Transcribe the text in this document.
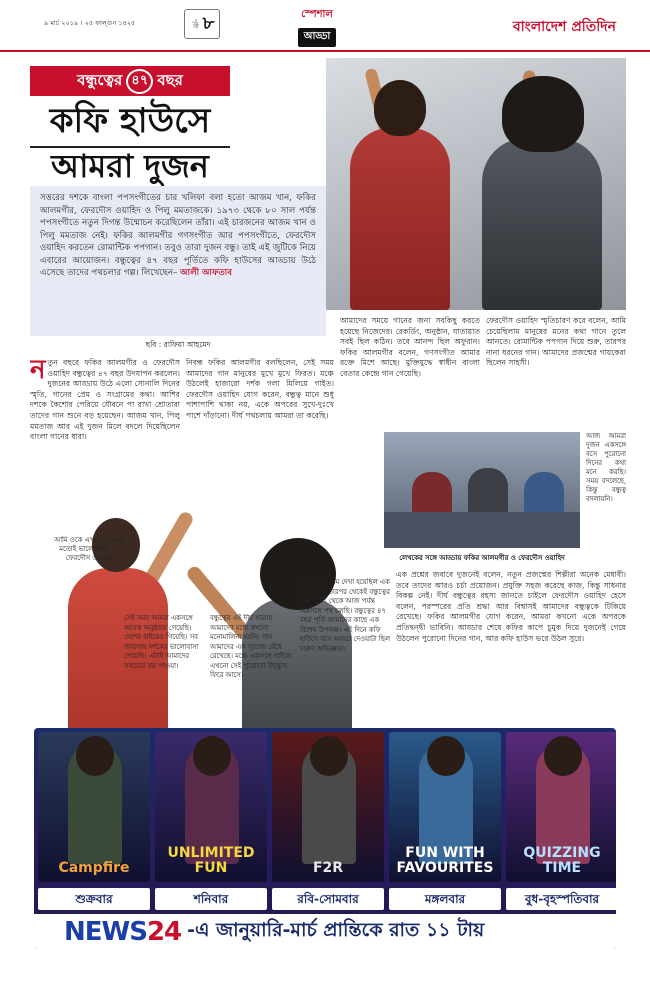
৯ মার্চ ২০১৯ । ২৫ ফাল্গুন ১৪২৫	পৃষ্ঠা ৮	স্পেশাল
আড্ডা
বাংলাদেশ প্রতিদিন
বন্ধুত্বের ৪৭ বছর
কফি হাউসে
আমরা দুজন

সত্তরের দশকে বাংলা পপসংগীতের চার খলিফা বলা হতো আজম খান, ফকির আলমগীর, ফেরদৌস ওয়াহিদ ও পিলু মমতাজকে। ১৯৭৩ থেকে ৮০ সাল পর্যন্ত পপসংগীতে নতুন দিগন্ত উন্মোচন করেছিলেন তাঁরা। এই চারজনের আজম খান ও পিলু মমতাজ নেই। ফকির আলমগীর গণসংগীত আর পপসংগীতে, ফেরদৌস ওয়াহিদ করতেন রোমান্টিক পপগান। তবুও তারা দুজন বন্ধু। তাই এই জুটিকে নিয়ে এবারের আয়োজন। বন্ধুত্বের ৪৭ বছর পূর্তিতে কফি হাউসের আড্ডায় উঠে এসেছে তাদের পথচলার গল্প। লিখেছেন– আলী আফতাব

ছবি : রাফিয়া আহমেদ
নতুন বছরে ফকির আলমগীর ও ফেরদৌস ওয়াহিদ বন্ধুত্বের ৪৭ বছর উদযাপন করলেন। দুজনের আড্ডায় উঠে এলো সোনালি দিনের স্মৃতি, গানের প্রেম ও সংগ্রামের কথা। আশির দশকে কৈশোর পেরিয়ে যৌবনে পা রাখা শ্রোতারা তাদের গান শুনে বড় হয়েছেন। আজম খান, পিলু মমতাজ আর এই দুজন মিলে বদলে দিয়েছিলেন বাংলা গানের ধারা।
নিবন্ধ ফকির আলমগীর বলছিলেন, সেই সময় আমাদের গান মানুষের মুখে মুখে ফিরত। মঞ্চে উঠলেই হাজারো দর্শক গলা মিলিয়ে গাইত। ফেরদৌস ওয়াহিদ যোগ করেন, বন্ধুত্ব মানে শুধু পাশাপাশি থাকা নয়, একে অপরের সুখে-দুঃখে পাশে দাঁড়ানো। দীর্ঘ পথচলায় আমরা তা করেছি।
আমাদের সময়ে গানের জন্য সবকিছু করতে হয়েছে নিজেদের। রেকর্ডিং, অনুষ্ঠান, যাতায়াত সবই ছিল কঠিন। তবে আনন্দ ছিল অফুরান। ফকির আলমগীর বলেন, গণসংগীত আমার রক্তে মিশে আছে। মুক্তিযুদ্ধে স্বাধীন বাংলা বেতার কেন্দ্রে গান গেয়েছি।
ফেরদৌস ওয়াহিদ স্মৃতিচারণ করে বলেন, আমি চেয়েছিলাম মানুষের মনের কথা গানে তুলে আনতে। রোমান্টিক পপগান দিয়ে শুরু, তারপর নানা ধরনের গান। আমাদের প্রজন্মের গায়কেরা ছিলেন সাহসী।
আজ আমরা দুজন একসঙ্গে বসে পুরোনো দিনের কথা মনে করছি। সময় বদলেছে, কিন্তু বন্ধুত্ব বদলায়নি।
লেখকের সঙ্গে আড্ডায় ফকির আলমগীর ও ফেরদৌস ওয়াহিদ
আমি ওকে এখনো আগের মতোই ভালোবাসি। — ফেরদৌস ওয়াহিদ
সেই সময় আমরা একসঙ্গে অনেক অনুষ্ঠানে গেয়েছি। দেশের বাইরেও গিয়েছি। সব জায়গায় দর্শকের ভালোবাসা পেয়েছি। এটাই আমাদের সবচেয়ে বড় পাওয়া।
বন্ধুত্বের এই দীর্ঘ যাত্রায় আমাদের মধ্যে কখনো মনোমালিন্য হয়নি। গান আমাদের এক সুতোয় বেঁধে রেখেছে। মঞ্চে একসঙ্গে গাইলে এখনো সেই পুরোনো উচ্ছ্বাস ফিরে আসে।
আমাদের প্রথম দেখা হয়েছিল এক অনুষ্ঠানে। তারপর থেকেই বন্ধুত্বের শুরু। সেই থেকে আজ পর্যন্ত একসঙ্গে পথ চলছি। বন্ধুত্বের ৪৭ বছর পূর্তি আমাদের কাছে এক বিশেষ উপলক্ষ। এই দিনে কফি হাউসে বসে আড্ডা দেওয়াটা ছিল দারুণ অভিজ্ঞতা।
এক প্রশ্নের জবাবে দুজনেই বলেন, নতুন প্রজন্মের শিল্পীরা অনেক মেধাবী। তবে তাদের আরও চর্চা প্রয়োজন। প্রযুক্তি সহজ করেছে কাজ, কিন্তু সাধনার বিকল্প নেই। দীর্ঘ বন্ধুত্বের রহস্য জানতে চাইলে ফেরদৌস ওয়াহিদ হেসে বলেন, পরস্পরের প্রতি শ্রদ্ধা আর বিশ্বাসই আমাদের বন্ধুত্বকে টিকিয়ে রেখেছে। ফকির আলমগীর যোগ করেন, আমরা কখনো একে অপরকে প্রতিদ্বন্দ্বী ভাবিনি। আড্ডার শেষে কফির কাপে চুমুক দিয়ে দুজনেই গেয়ে উঠলেন পুরোনো দিনের গান, আর কফি হাউস ভরে উঠল সুরে।
Campfire
শুক্রবার
UNLIMITED FUN
শনিবার
F2R
রবি-সোমবার
FUN WITH FAVOURITES
মঙ্গলবার
QUIZZING TIME
বুধ-বৃহস্পতিবার
NEWS24 -এ জানুয়ারি-মার্চ প্রান্তিকে রাত ১১ টায়
